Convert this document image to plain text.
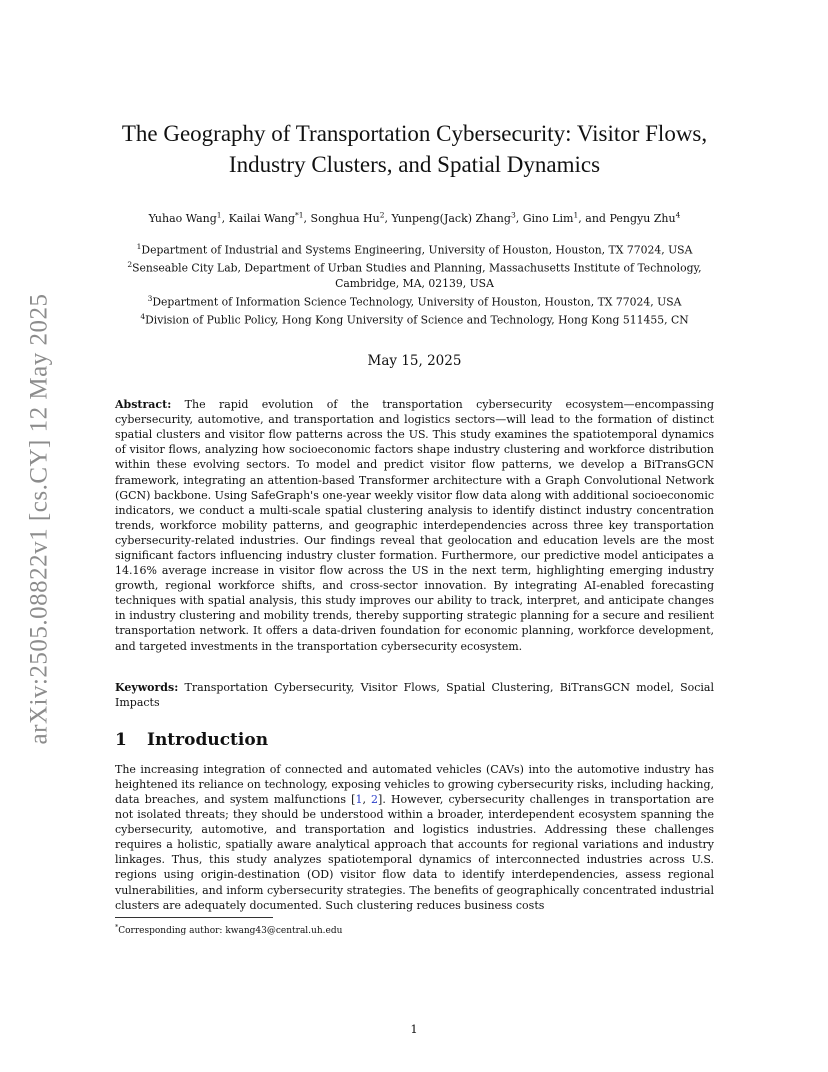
arXiv:2505.08822v1 [cs.CY] 12 May 2025
The Geography of Transportation Cybersecurity: Visitor Flows,
Industry Clusters, and Spatial Dynamics
Yuhao Wang$^1$, Kailai Wang$^{*1}$, Songhua Hu$^2$, Yunpeng(Jack) Zhang$^3$, Gino Lim$^1$, and Pengyu Zhu$^4$
$^1$Department of Industrial and Systems Engineering, University of Houston, Houston, TX 77024, USA
$^2$Senseable City Lab, Department of Urban Studies and Planning, Massachusetts Institute of Technology,
Cambridge, MA, 02139, USA
$^3$Department of Information Science Technology, University of Houston, Houston, TX 77024, USA
$^4$Division of Public Policy, Hong Kong University of Science and Technology, Hong Kong 511455, CN
May 15, 2025
Abstract: The rapid evolution of the transportation cybersecurity ecosystem—encompassing cybersecurity, automotive, and transportation and logistics sectors—will lead to the formation of distinct spatial clusters and visitor flow patterns across the US. This study examines the spatiotemporal dynamics of visitor flows, analyzing how socioeconomic factors shape industry clustering and workforce distribution within these evolving sectors. To model and predict visitor flow patterns, we develop a BiTransGCN framework, integrating an attention-based Transformer architecture with a Graph Convolutional Network (GCN) backbone. Using SafeGraph's one-year weekly visitor flow data along with additional socioeconomic indicators, we conduct a multi-scale spatial clustering analysis to identify distinct industry concentration trends, workforce mobility patterns, and geographic interdependencies across three key transportation cybersecurity-related industries. Our findings reveal that geolocation and education levels are the most significant factors influencing industry cluster formation. Furthermore, our predictive model anticipates a 14.16% average increase in visitor flow across the US in the next term, highlighting emerging industry growth, regional workforce shifts, and cross-sector innovation. By integrating AI-enabled forecasting techniques with spatial analysis, this study improves our ability to track, interpret, and anticipate changes in industry clustering and mobility trends, thereby supporting strategic planning for a secure and resilient transportation network. It offers a data-driven foundation for economic planning, workforce development, and targeted investments in the transportation cybersecurity ecosystem.
Keywords: Transportation Cybersecurity, Visitor Flows, Spatial Clustering, BiTransGCN model, Social Impacts
1 Introduction
The increasing integration of connected and automated vehicles (CAVs) into the automotive industry has heightened its reliance on technology, exposing vehicles to growing cybersecurity risks, including hacking, data breaches, and system malfunctions [1, 2]. However, cybersecurity challenges in transportation are not isolated threats; they should be understood within a broader, interdependent ecosystem spanning the cybersecurity, automotive, and transportation and logistics industries. Addressing these challenges requires a holistic, spatially aware analytical approach that accounts for regional variations and industry linkages. Thus, this study analyzes spatiotemporal dynamics of interconnected industries across U.S. regions using origin-destination (OD) visitor flow data to identify interdependencies, assess regional vulnerabilities, and inform cybersecurity strategies. The benefits of geographically concentrated industrial clusters are adequately documented. Such clustering reduces business costs
*Corresponding author: kwang43@central.uh.edu
1
